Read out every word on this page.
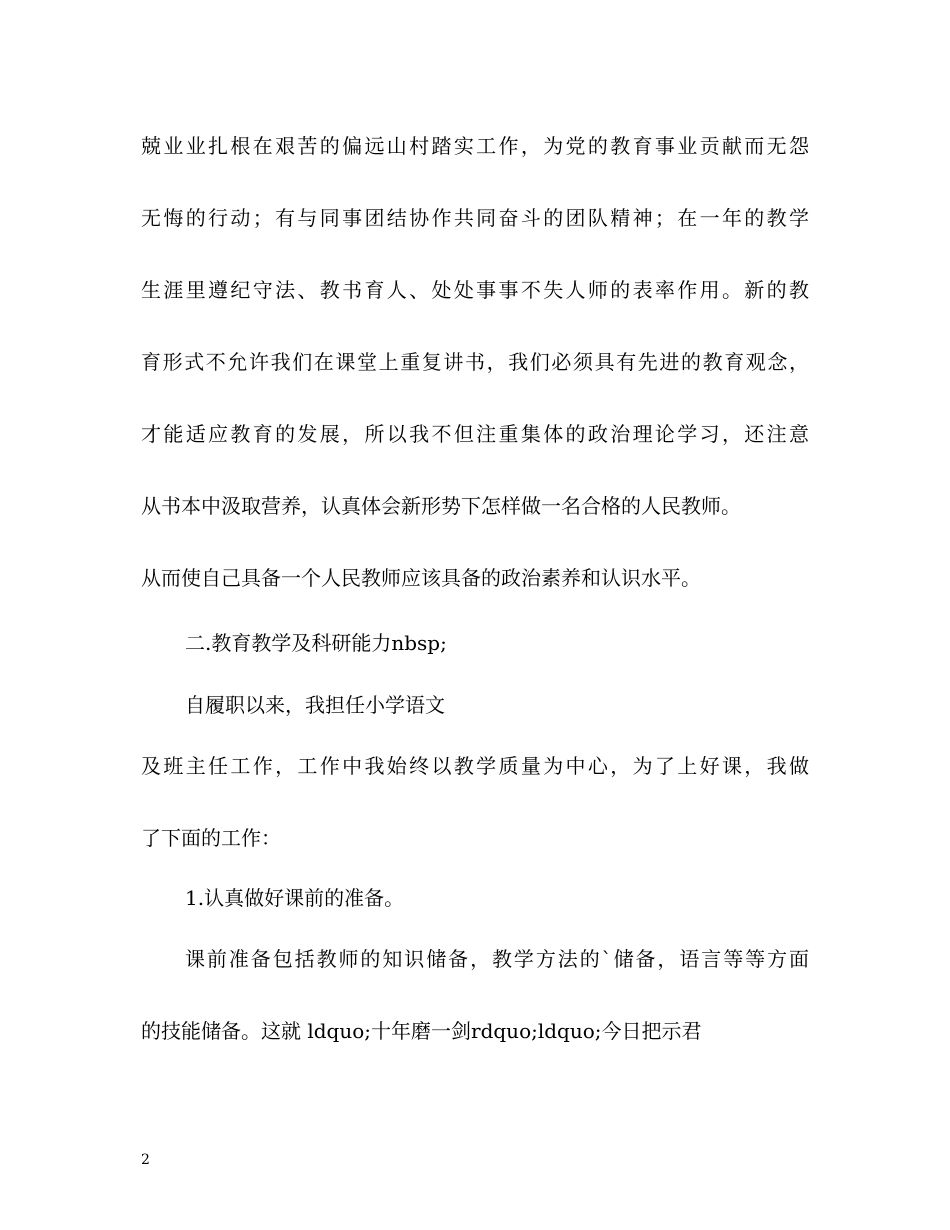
兢业业扎根在艰苦的偏远山村踏实工作，为党的教育事业贡献而无怨
无悔的行动；有与同事团结协作共同奋斗的团队精神；在一年的教学
生涯里遵纪守法、教书育人、处处事事不失人师的表率作用。新的教
育形式不允许我们在课堂上重复讲书，我们必须具有先进的教育观念，
才能适应教育的发展，所以我不但注重集体的政治理论学习，还注意
从书本中汲取营养，认真体会新形势下怎样做一名合格的人民教师。
从而使自己具备一个人民教师应该具备的政治素养和认识水平。
二.教育教学及科研能力nbsp;
自履职以来，我担任小学语文
及班主任工作，工作中我始终以教学质量为中心，为了上好课，我做
了下面的工作：
1.认真做好课前的准备。
课前准备包括教师的知识储备，教学方法的`储备，语言等等方面
的技能储备。这就 ldquo;十年磨一剑rdquo;ldquo;今日把示君
2
